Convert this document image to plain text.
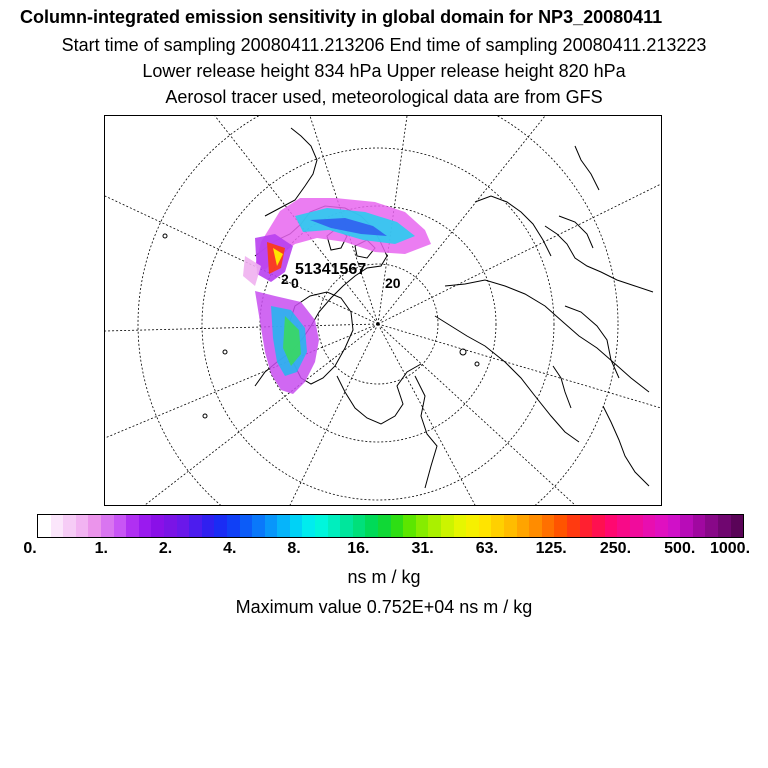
Column-integrated emission sensitivity in global domain for NP3_20080411
Start time of sampling 20080411.213206 End time of sampling 20080411.213223
Lower release height 834 hPa Upper release height 820 hPa
Aerosol tracer used, meteorological data are from GFS
51341567
2 0	20
0.	1.	2.	4.	8.	16.	31.	63. 125. 250. 500. 1000.
ns m / kg
Maximum value 0.752E+04 ns m / kg
